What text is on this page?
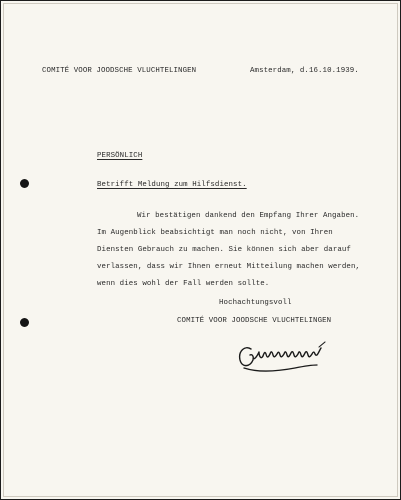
COMITÉ VOOR JOODSCHE VLUCHTELINGEN	Amsterdam, d.16.10.1939.
PERSÖNLICH
Betrifft Meldung zum Hilfsdienst.
Wir bestätigen dankend den Empfang Ihrer Angaben.
Im Augenblick beabsichtigt man noch nicht, von Ihren
Diensten Gebrauch zu machen. Sie können sich aber darauf
verlassen, dass wir Ihnen erneut Mitteilung machen werden,
wenn dies wohl der Fall werden sollte.
Hochachtungsvoll
COMITÉ VOOR JOODSCHE VLUCHTELINGEN
